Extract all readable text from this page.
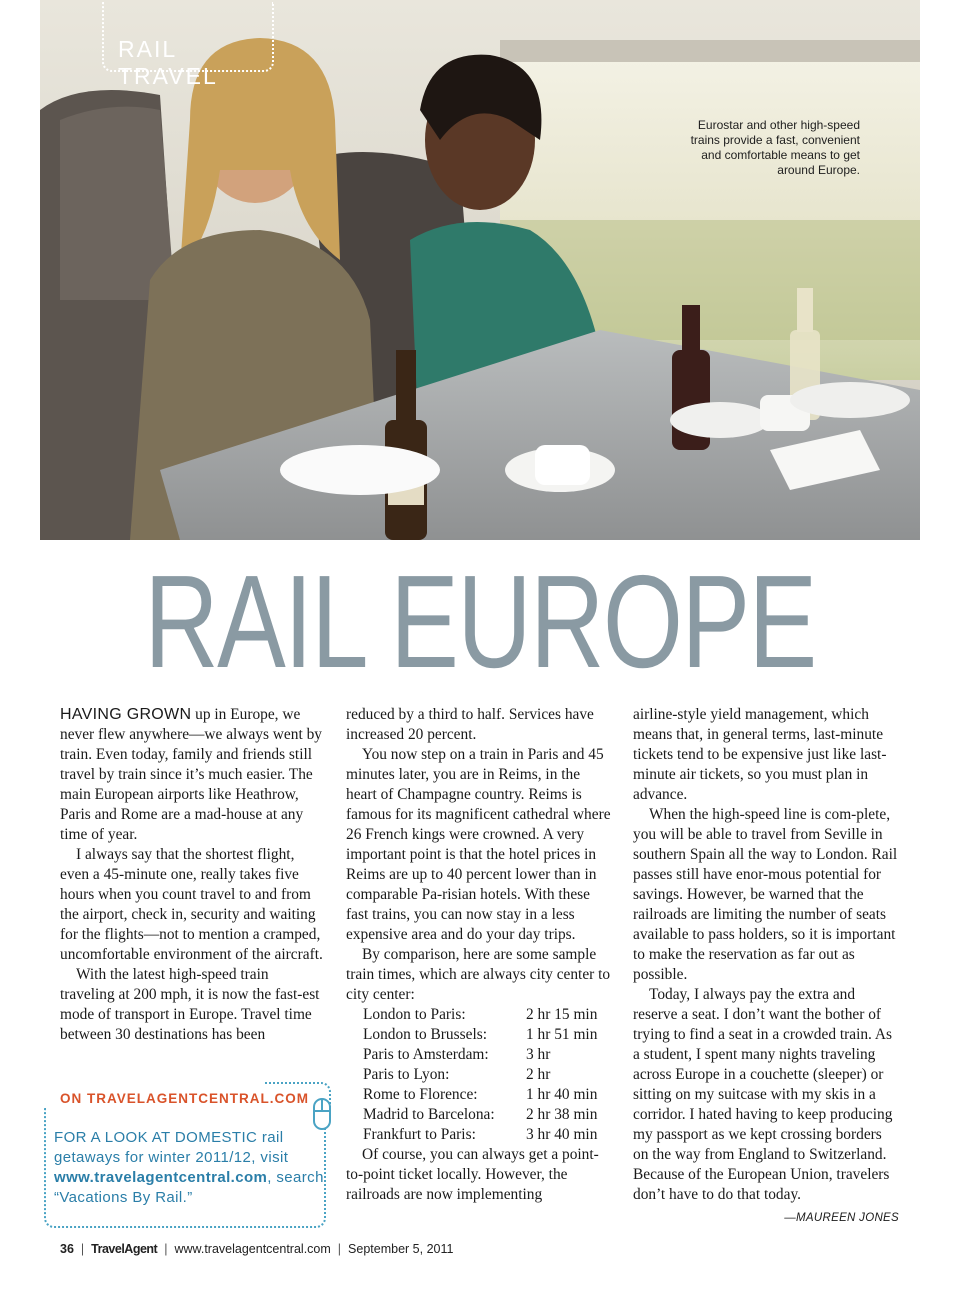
RAIL TRAVEL
Eurostar and other high-speed trains provide a fast, convenient and comfortable means to get around Europe.
RAIL EUROPE

HAVING GROWN up in Europe, we never flew anywhere—we always went by train. Even today, family and friends still travel by train since it’s much easier. The main European airports like Heathrow, Paris and Rome are a mad-house at any time of year.

I always say that the shortest flight, even a 45-minute one, really takes five hours when you count travel to and from the airport, check in, security and waiting for the flights—not to mention a cramped, uncomfortable environment of the aircraft.

With the latest high-speed train traveling at 200 mph, it is now the fast-est mode of transport in Europe. Travel time between 30 destinations has been

reduced by a third to half. Services have increased 20 percent.

You now step on a train in Paris and 45 minutes later, you are in Reims, in the heart of Champagne country. Reims is famous for its magnificent cathedral where 26 French kings were crowned. A very important point is that the hotel prices in Reims are up to 40 percent lower than in comparable Pa-risian hotels. With these fast trains, you can now stay in a less expensive area and do your day trips.

By comparison, here are some sample train times, which are always city center to city center:

London to Paris:	2 hr 15 min
London to Brussels:	1 hr 51 min
Paris to Amsterdam:	3 hr
Paris to Lyon:	2 hr
Rome to Florence:	1 hr 40 min
Madrid to Barcelona:	2 hr 38 min
Frankfurt to Paris:	3 hr 40 min

Of course, you can always get a point-to-point ticket locally. However, the railroads are now implementing

airline-style yield management, which means that, in general terms, last-minute tickets tend to be expensive just like last-minute air tickets, so you must plan in advance.

When the high-speed line is com-plete, you will be able to travel from Seville in southern Spain all the way to London. Rail passes still have enor-mous potential for savings. However, be warned that the railroads are limiting the number of seats available to pass holders, so it is important to make the reservation as far out as possible.

Today, I always pay the extra and reserve a seat. I don’t want the bother of trying to find a seat in a crowded train. As a student, I spent many nights traveling across Europe in a couchette (sleeper) or sitting on my suitcase with my skis in a corridor. I hated having to keep producing my passport as we kept crossing borders on the way from England to Switzerland. Because of the European Union, travelers don’t have to do that today.
—MAUREEN JONES

ON TRAVELAGENTCENTRAL.COM
FOR A LOOK AT DOMESTIC rail getaways for winter 2011/12, visit www.travelagentcentral.com, search “Vacations By Rail.”
36 | TravelAgent | www.travelagentcentral.com | September 5, 2011
